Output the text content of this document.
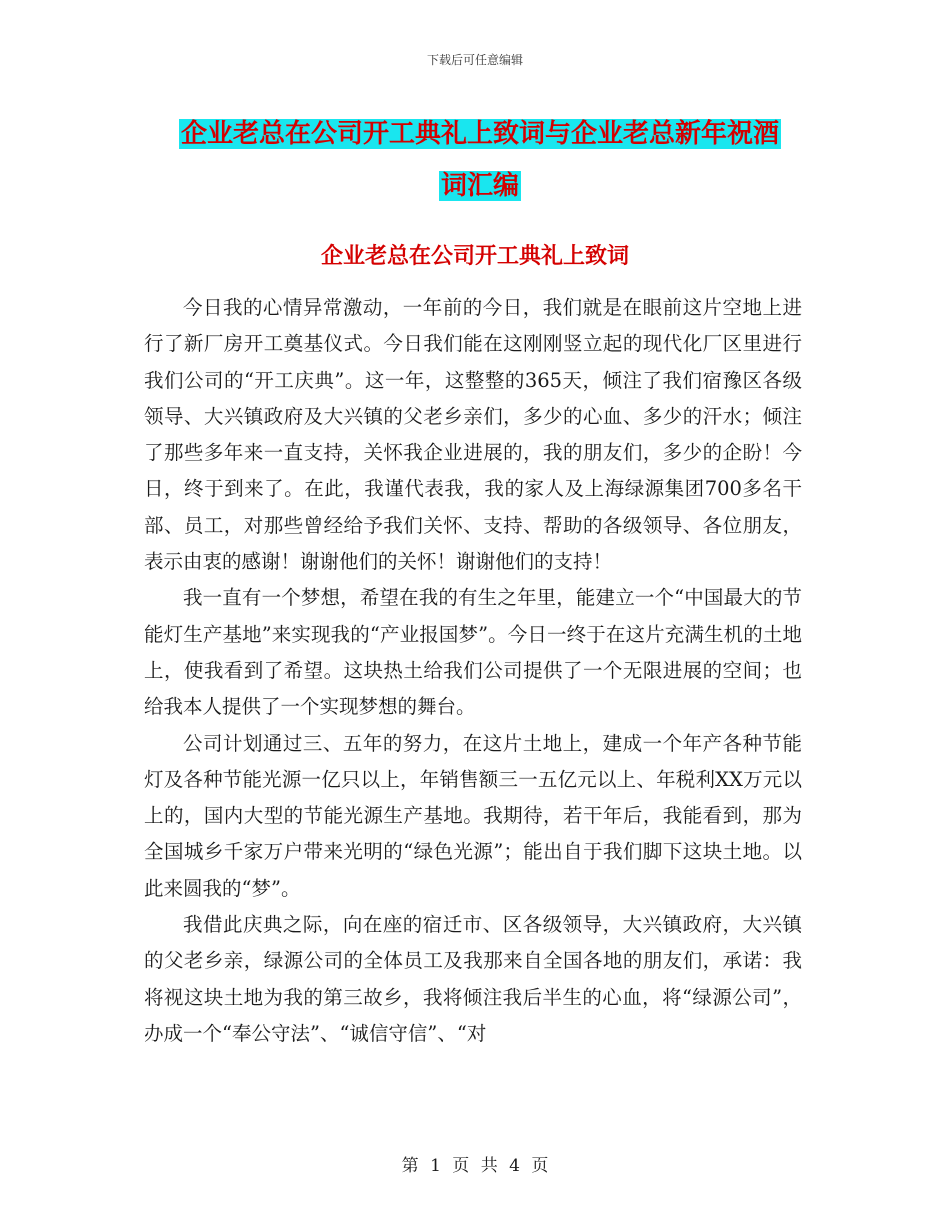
下载后可任意编辑
企业老总在公司开工典礼上致词与企业老总新年祝酒
词汇编
企业老总在公司开工典礼上致词

今日我的心情异常激动，一年前的今日，我们就是在眼前这片空地上进行了新厂房开工奠基仪式。今日我们能在这刚刚竖立起的现代化厂区里进行我们公司的“开工庆典”。这一年，这整整的365天，倾注了我们宿豫区各级领导、大兴镇政府及大兴镇的父老乡亲们，多少的心血、多少的汗水；倾注了那些多年来一直支持，关怀我企业进展的，我的朋友们，多少的企盼！今日，终于到来了。在此，我谨代表我，我的家人及上海绿源集团700多名干部、员工，对那些曾经给予我们关怀、支持、帮助的各级领导、各位朋友，表示由衷的感谢！谢谢他们的关怀！谢谢他们的支持！

我一直有一个梦想，希望在我的有生之年里，能建立一个“中国最大的节能灯生产基地”来实现我的“产业报国梦”。今日一终于在这片充满生机的土地上，使我看到了希望。这块热土给我们公司提供了一个无限进展的空间；也给我本人提供了一个实现梦想的舞台。

公司计划通过三、五年的努力，在这片土地上，建成一个年产各种节能灯及各种节能光源一亿只以上，年销售额三一五亿元以上、年税利XX万元以上的，国内大型的节能光源生产基地。我期待，若干年后，我能看到，那为全国城乡千家万户带来光明的“绿色光源”；能出自于我们脚下这块土地。以此来圆我的“梦”。

我借此庆典之际，向在座的宿迁市、区各级领导，大兴镇政府，大兴镇的父老乡亲，绿源公司的全体员工及我那来自全国各地的朋友们，承诺：我将视这块土地为我的第三故乡，我将倾注我后半生的心血，将“绿源公司”，办成一个“奉公守法”、“诚信守信”、“对

第 1 页 共 4 页
